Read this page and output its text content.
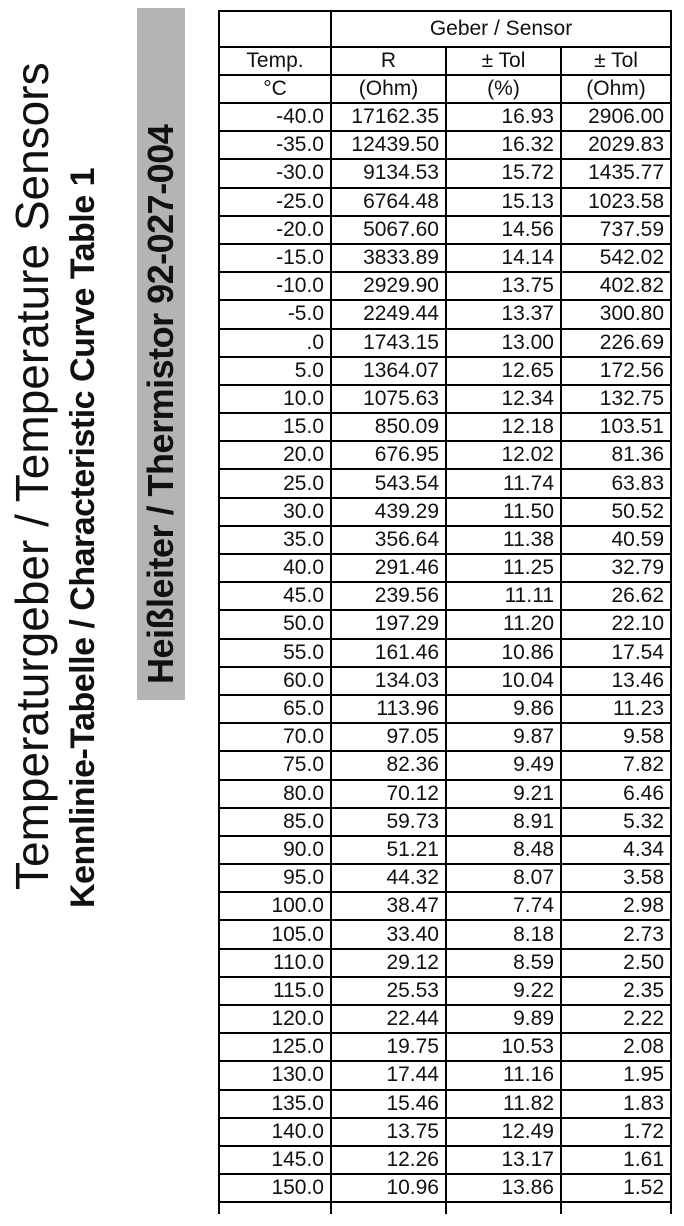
Temperaturgeber / Temperature Sensors Kennlinie-Tabelle / Characteristic Curve Table 1 Heißleiter / Thermistor 92-027-004
	Geber / Sensor		
Temp.	R	± Tol	± Tol
°C	(Ohm)	(%)	(Ohm)
-40.0	17162.35	16.93	2906.00
-35.0	12439.50	16.32	2029.83
-30.0	9134.53	15.72	1435.77
-25.0	6764.48	15.13	1023.58
-20.0	5067.60	14.56	737.59
-15.0	3833.89	14.14	542.02
-10.0	2929.90	13.75	402.82
-5.0	2249.44	13.37	300.80
.0	1743.15	13.00	226.69
5.0	1364.07	12.65	172.56
10.0	1075.63	12.34	132.75
15.0	850.09	12.18	103.51
20.0	676.95	12.02	81.36
25.0	543.54	11.74	63.83
30.0	439.29	11.50	50.52
35.0	356.64	11.38	40.59
40.0	291.46	11.25	32.79
45.0	239.56	11.11	26.62
50.0	197.29	11.20	22.10
55.0	161.46	10.86	17.54
60.0	134.03	10.04	13.46
65.0	113.96	9.86	11.23
70.0	97.05	9.87	9.58
75.0	82.36	9.49	7.82
80.0	70.12	9.21	6.46
85.0	59.73	8.91	5.32
90.0	51.21	8.48	4.34
95.0	44.32	8.07	3.58
100.0	38.47	7.74	2.98
105.0	33.40	8.18	2.73
110.0	29.12	8.59	2.50
115.0	25.53	9.22	2.35
120.0	22.44	9.89	2.22
125.0	19.75	10.53	2.08
130.0	17.44	11.16	1.95
135.0	15.46	11.82	1.83
140.0	13.75	12.49	1.72
145.0	12.26	13.17	1.61
150.0	10.96	13.86	1.52
